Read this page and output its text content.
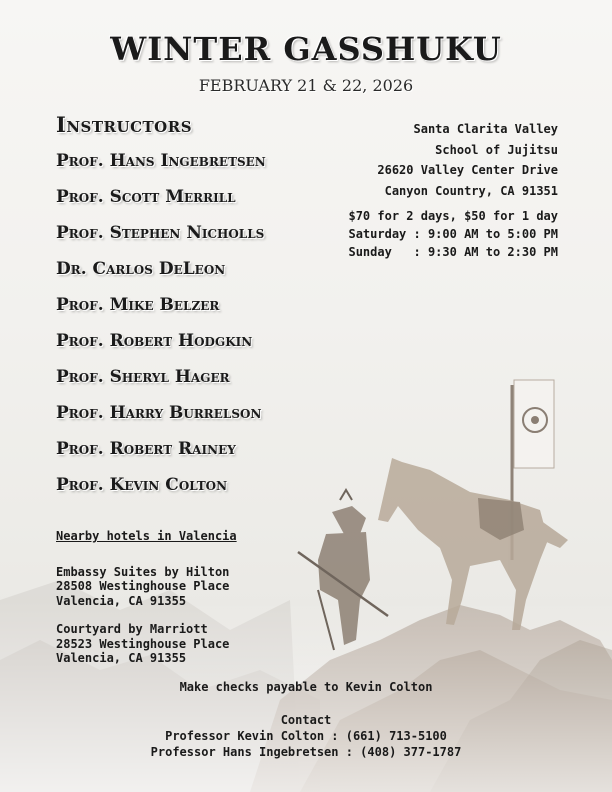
WINTER GASSHUKU
FEBRUARY 21 & 22, 2026
Instructors
Prof. Hans Ingebretsen
Prof. Scott Merrill
Prof. Stephen Nicholls
Dr. Carlos DeLeon
Prof. Mike Belzer
Prof. Robert Hodgkin
Prof. Sheryl Hager
Prof. Harry Burrelson
Prof. Robert Rainey
Prof. Kevin Colton
Santa Clarita Valley
School of Jujitsu
26620 Valley Center Drive
Canyon Country, CA 91351
$70 for 2 days, $50 for 1 day
Saturday : 9:00 AM to 5:00 PM
Sunday   : 9:30 AM to 2:30 PM
Nearby hotels in Valencia
Embassy Suites by Hilton
28508 Westinghouse Place
Valencia, CA 91355
Courtyard by Marriott
28523 Westinghouse Place
Valencia, CA 91355
Make checks payable to Kevin Colton
Contact
Professor Kevin Colton : (661) 713-5100
Professor Hans Ingebretsen : (408) 377-1787
